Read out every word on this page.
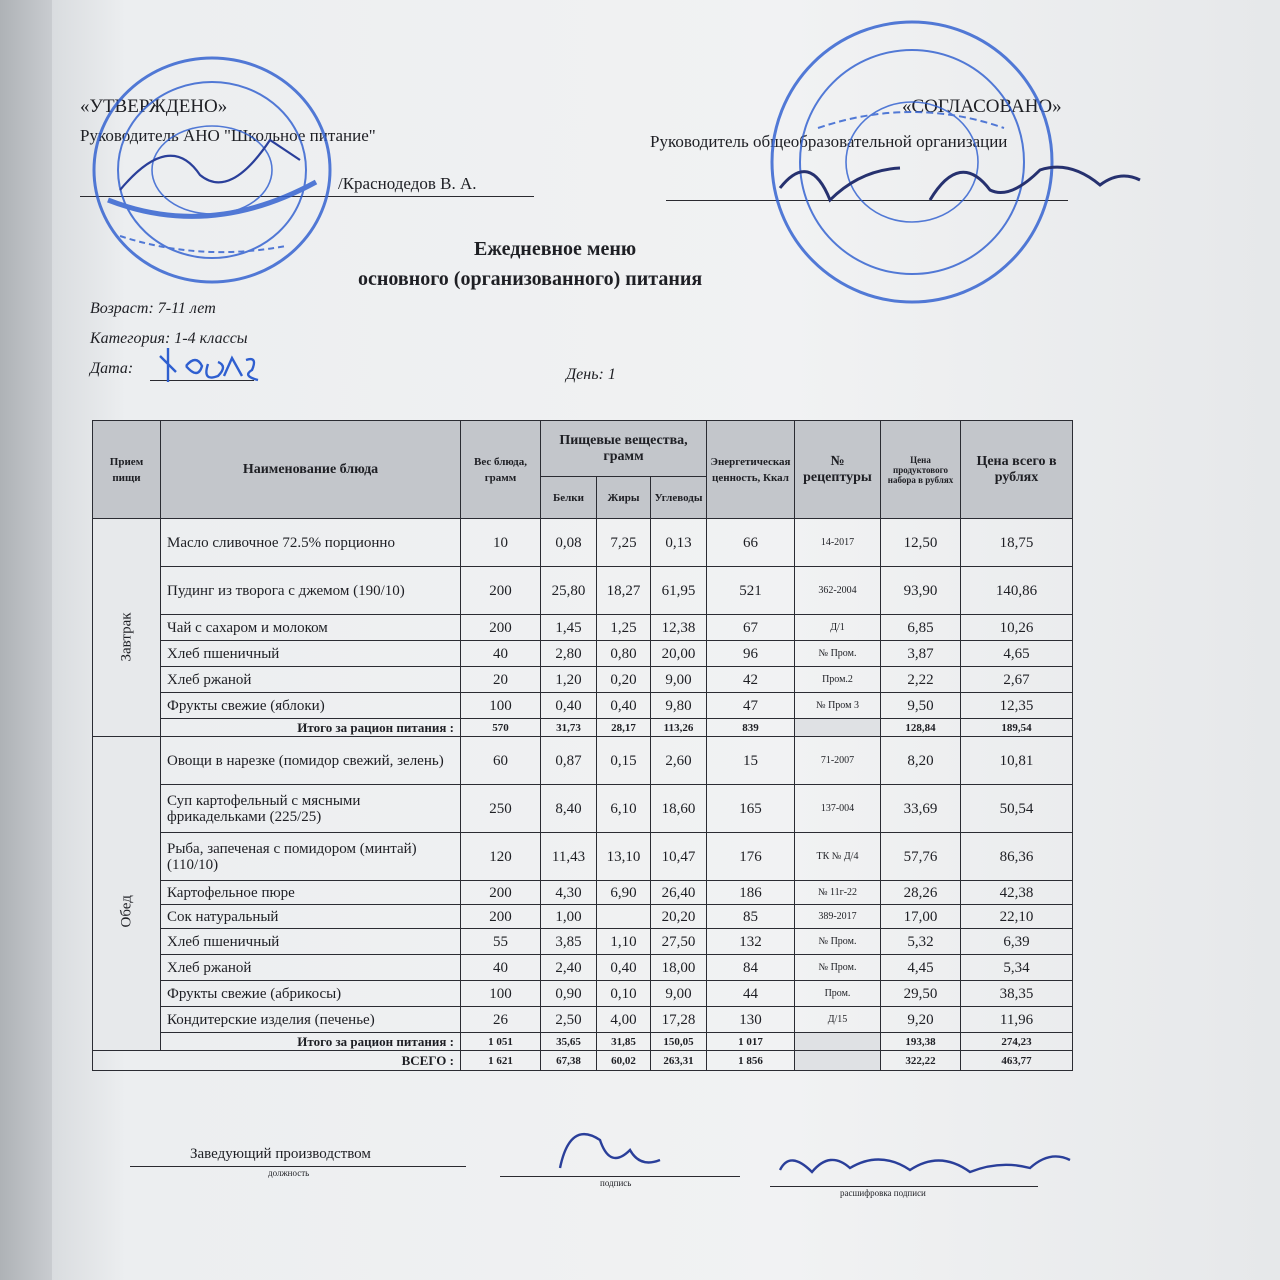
«УТВЕРЖДЕНО»
Руководитель АНО "Школьное питание"
/Краснодедов В. А.
«СОГЛАСОВАНО»
Руководитель общеобразовательной организации
Ежедневное меню
основного (организованного) питания
Возраст: 7-11 лет
Категория: 1-4 классы
Дата:	День: 1
Прием пищи	Наименование блюда	Вес блюда, грамм	Пищевые вещества, грамм			Энергетическая ценность, Ккал	№ рецептуры	Цена продуктового набора в рублях	Цена всего в рублях
			Белки	Жиры	Углеводы				

Завтрак	Масло сливочное 72.5% порционно	10	0,08	7,25	0,13	66	14-2017	12,50	18,75
	Пудинг из творога с джемом (190/10)	200	25,80	18,27	61,95	521	362-2004	93,90	140,86
	Чай с сахаром и молоком	200	1,45	1,25	12,38	67	Д/1	6,85	10,26
	Хлеб пшеничный	40	2,80	0,80	20,00	96	№ Пром.	3,87	4,65
	Хлеб ржаной	20	1,20	0,20	9,00	42	Пром.2	2,22	2,67
	Фрукты свежие (яблоки)	100	0,40	0,40	9,80	47	№ Пром 3	9,50	12,35
	Итого за рацион питания :	570	31,73	28,17	113,26	839		128,84	189,54

Обед	Овощи в нарезке (помидор свежий, зелень)	60	0,87	0,15	2,60	15	71-2007	8,20	10,81
	Суп картофельный с мясными фрикадельками (225/25)	250	8,40	6,10	18,60	165	137-004	33,69	50,54
	Рыба, запеченая с помидором (минтай) (110/10)	120	11,43	13,10	10,47	176	ТК № Д/4	57,76	86,36
	Картофельное пюре	200	4,30	6,90	26,40	186	№ 11г-22	28,26	42,38
	Сок натуральный	200	1,00		20,20	85	389-2017	17,00	22,10
	Хлеб пшеничный	55	3,85	1,10	27,50	132	№ Пром.	5,32	6,39
	Хлеб ржаной	40	2,40	0,40	18,00	84	№ Пром.	4,45	5,34
	Фрукты свежие (абрикосы)	100	0,90	0,10	9,00	44	Пром.	29,50	38,35
	Кондитерские изделия (печенье)	26	2,50	4,00	17,28	130	Д/15	9,20	11,96
	Итого за рацион питания :	1 051	35,65	31,85	150,05	1 017		193,38	274,23
ВСЕГО :		1 621	67,38	60,02	263,31	1 856		322,22	463,77
Заведующий производством
должность
подпись
расшифровка подписи
